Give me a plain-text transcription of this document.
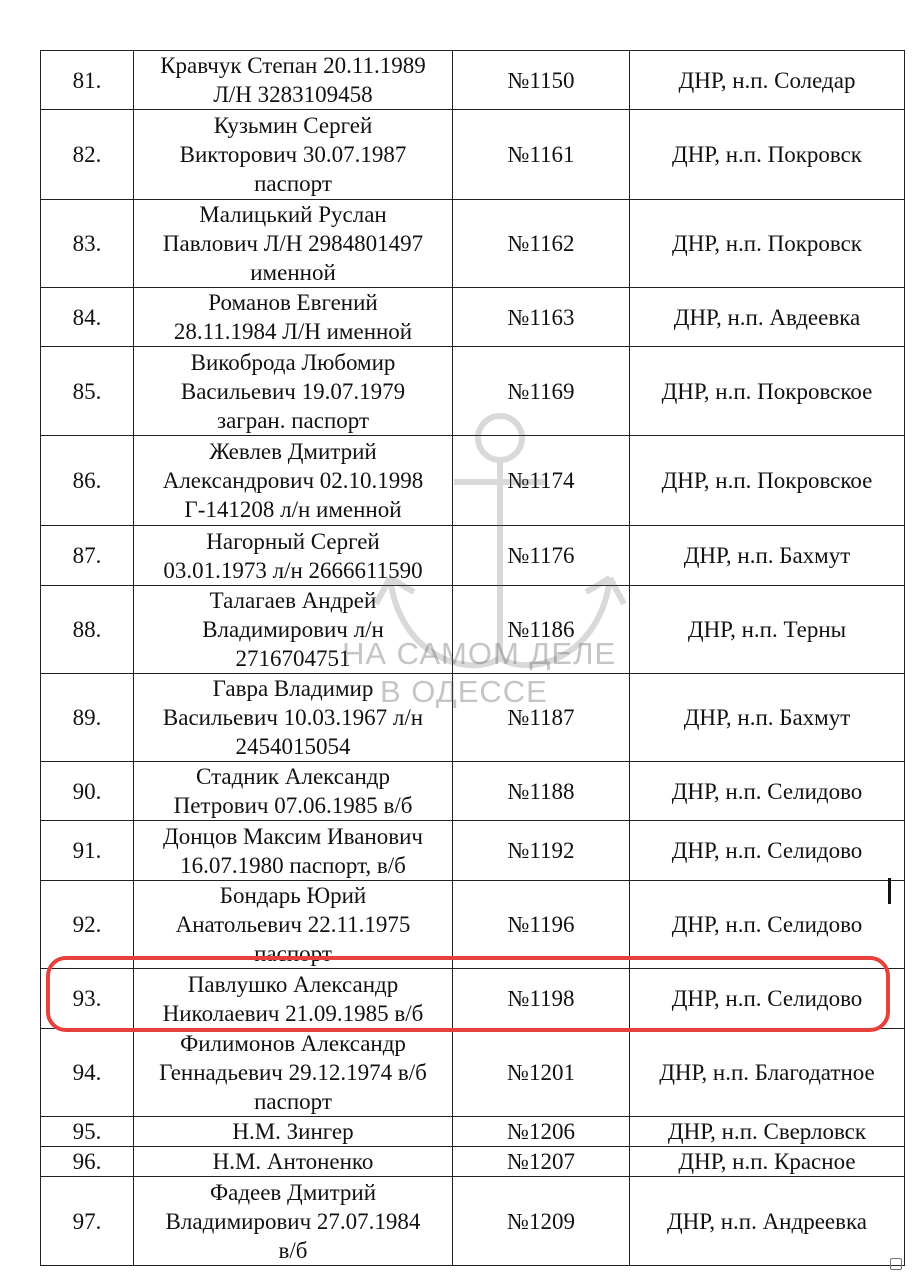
81.	Кравчук Степан 20.11.1989
Л/Н 3283109458	№1150	ДНР, н.п. Соледар
82.	Кузьмин Сергей
Викторович 30.07.1987
паспорт	№1161	ДНР, н.п. Покровск
83.	Малицький Руслан
Павлович Л/Н 2984801497
именной	№1162	ДНР, н.п. Покровск
84.	Романов Евгений
28.11.1984 Л/Н именной	№1163	ДНР, н.п. Авдеевка
85.	Викоброда Любомир
Васильевич 19.07.1979
загран. паспорт	№1169	ДНР, н.п. Покровское
86.	Жевлев Дмитрий
Александрович 02.10.1998
Г-141208 л/н именной	№1174	ДНР, н.п. Покровское
87.	Нагорный Сергей
03.01.1973 л/н 2666611590	№1176	ДНР, н.п. Бахмут
88.	Талагаев Андрей
Владимирович л/н
2716704751	№1186	ДНР, н.п. Терны
89.	Гавра Владимир
Васильевич 10.03.1967 л/н
2454015054	№1187	ДНР, н.п. Бахмут
90.	Стадник Александр
Петрович 07.06.1985 в/б	№1188	ДНР, н.п. Селидово
91.	Донцов Максим Иванович
16.07.1980 паспорт, в/б	№1192	ДНР, н.п. Селидово
92.	Бондарь Юрий
Анатольевич 22.11.1975
паспорт	№1196	ДНР, н.п. Селидово
93.	Павлушко Александр
Николаевич 21.09.1985 в/б	№1198	ДНР, н.п. Селидово
94.	Филимонов Александр
Геннадьевич 29.12.1974 в/б
паспорт	№1201	ДНР, н.п. Благодатное
95.	Н.М. Зингер	№1206	ДНР, н.п. Сверловск
96.	Н.М. Антоненко	№1207	ДНР, н.п. Красное
97.	Фадеев Дмитрий
Владимирович 27.07.1984
в/б	№1209	ДНР, н.п. Андреевка
НА САМОМ ДЕЛЕ
В ОДЕССЕ
